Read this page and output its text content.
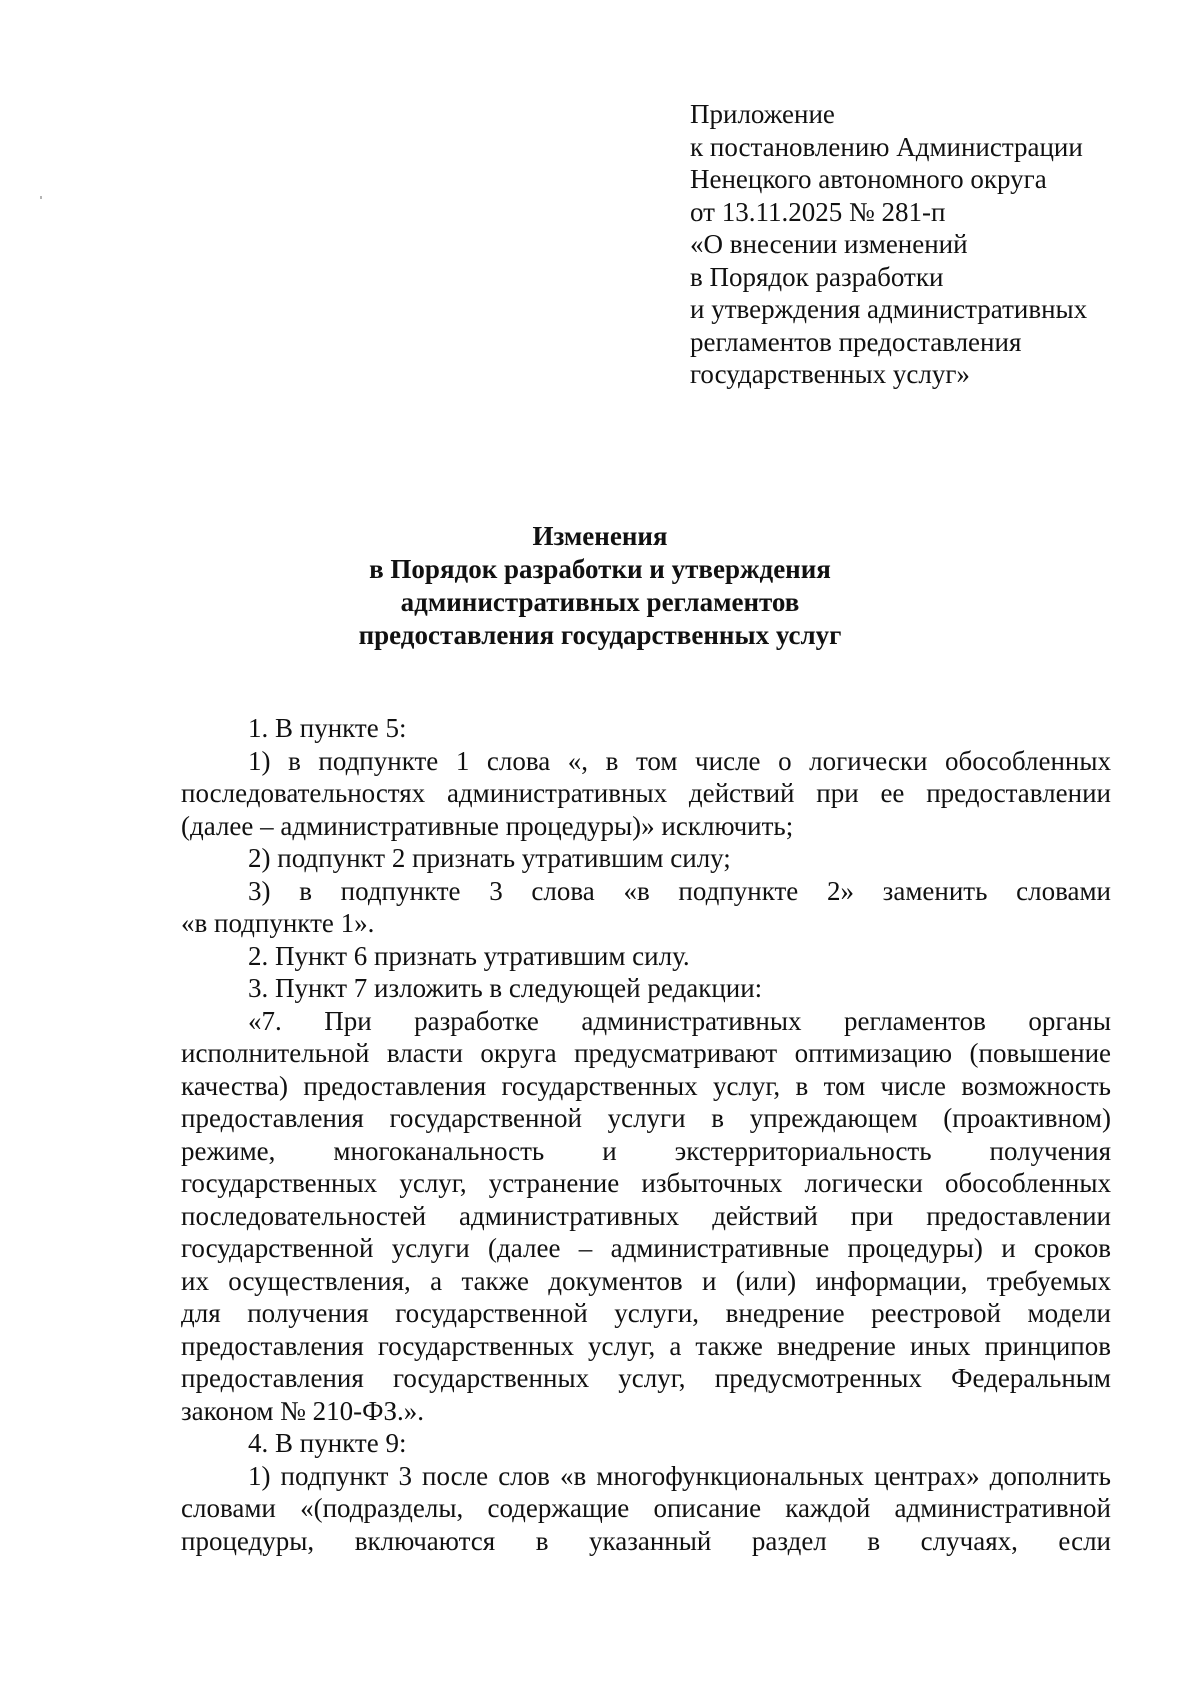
Приложение
к постановлению Администрации
Ненецкого автономного округа
от 13.11.2025 № 281-п
«О внесении изменений
в Порядок разработки
и утверждения административных
регламентов предоставления
государственных услуг»
Изменения
в Порядок разработки и утверждения
административных регламентов
предоставления государственных услуг
1. В пункте 5:
1) в подпункте 1 слова «, в том числе о логически обособленных
последовательностях административных действий при ее предоставлении
(далее – административные процедуры)» исключить;
2) подпункт 2 признать утратившим силу;
3) в подпункте 3 слова «в подпункте 2» заменить словами
«в подпункте 1».
2. Пункт 6 признать утратившим силу.
3. Пункт 7 изложить в следующей редакции:
«7. При разработке административных регламентов органы
исполнительной власти округа предусматривают оптимизацию (повышение
качества) предоставления государственных услуг, в том числе возможность
предоставления государственной услуги в упреждающем (проактивном)
режиме, многоканальность и экстерриториальность получения
государственных услуг, устранение избыточных логически обособленных
последовательностей административных действий при предоставлении
государственной услуги (далее – административные процедуры) и сроков
их осуществления, а также документов и (или) информации, требуемых
для получения государственной услуги, внедрение реестровой модели
предоставления государственных услуг, а также внедрение иных принципов
предоставления государственных услуг, предусмотренных Федеральным
законом № 210-ФЗ.».
4. В пункте 9:
1) подпункт 3 после слов «в многофункциональных центрах» дополнить
словами «(подразделы, содержащие описание каждой административной
процедуры, включаются в указанный раздел в случаях, если
